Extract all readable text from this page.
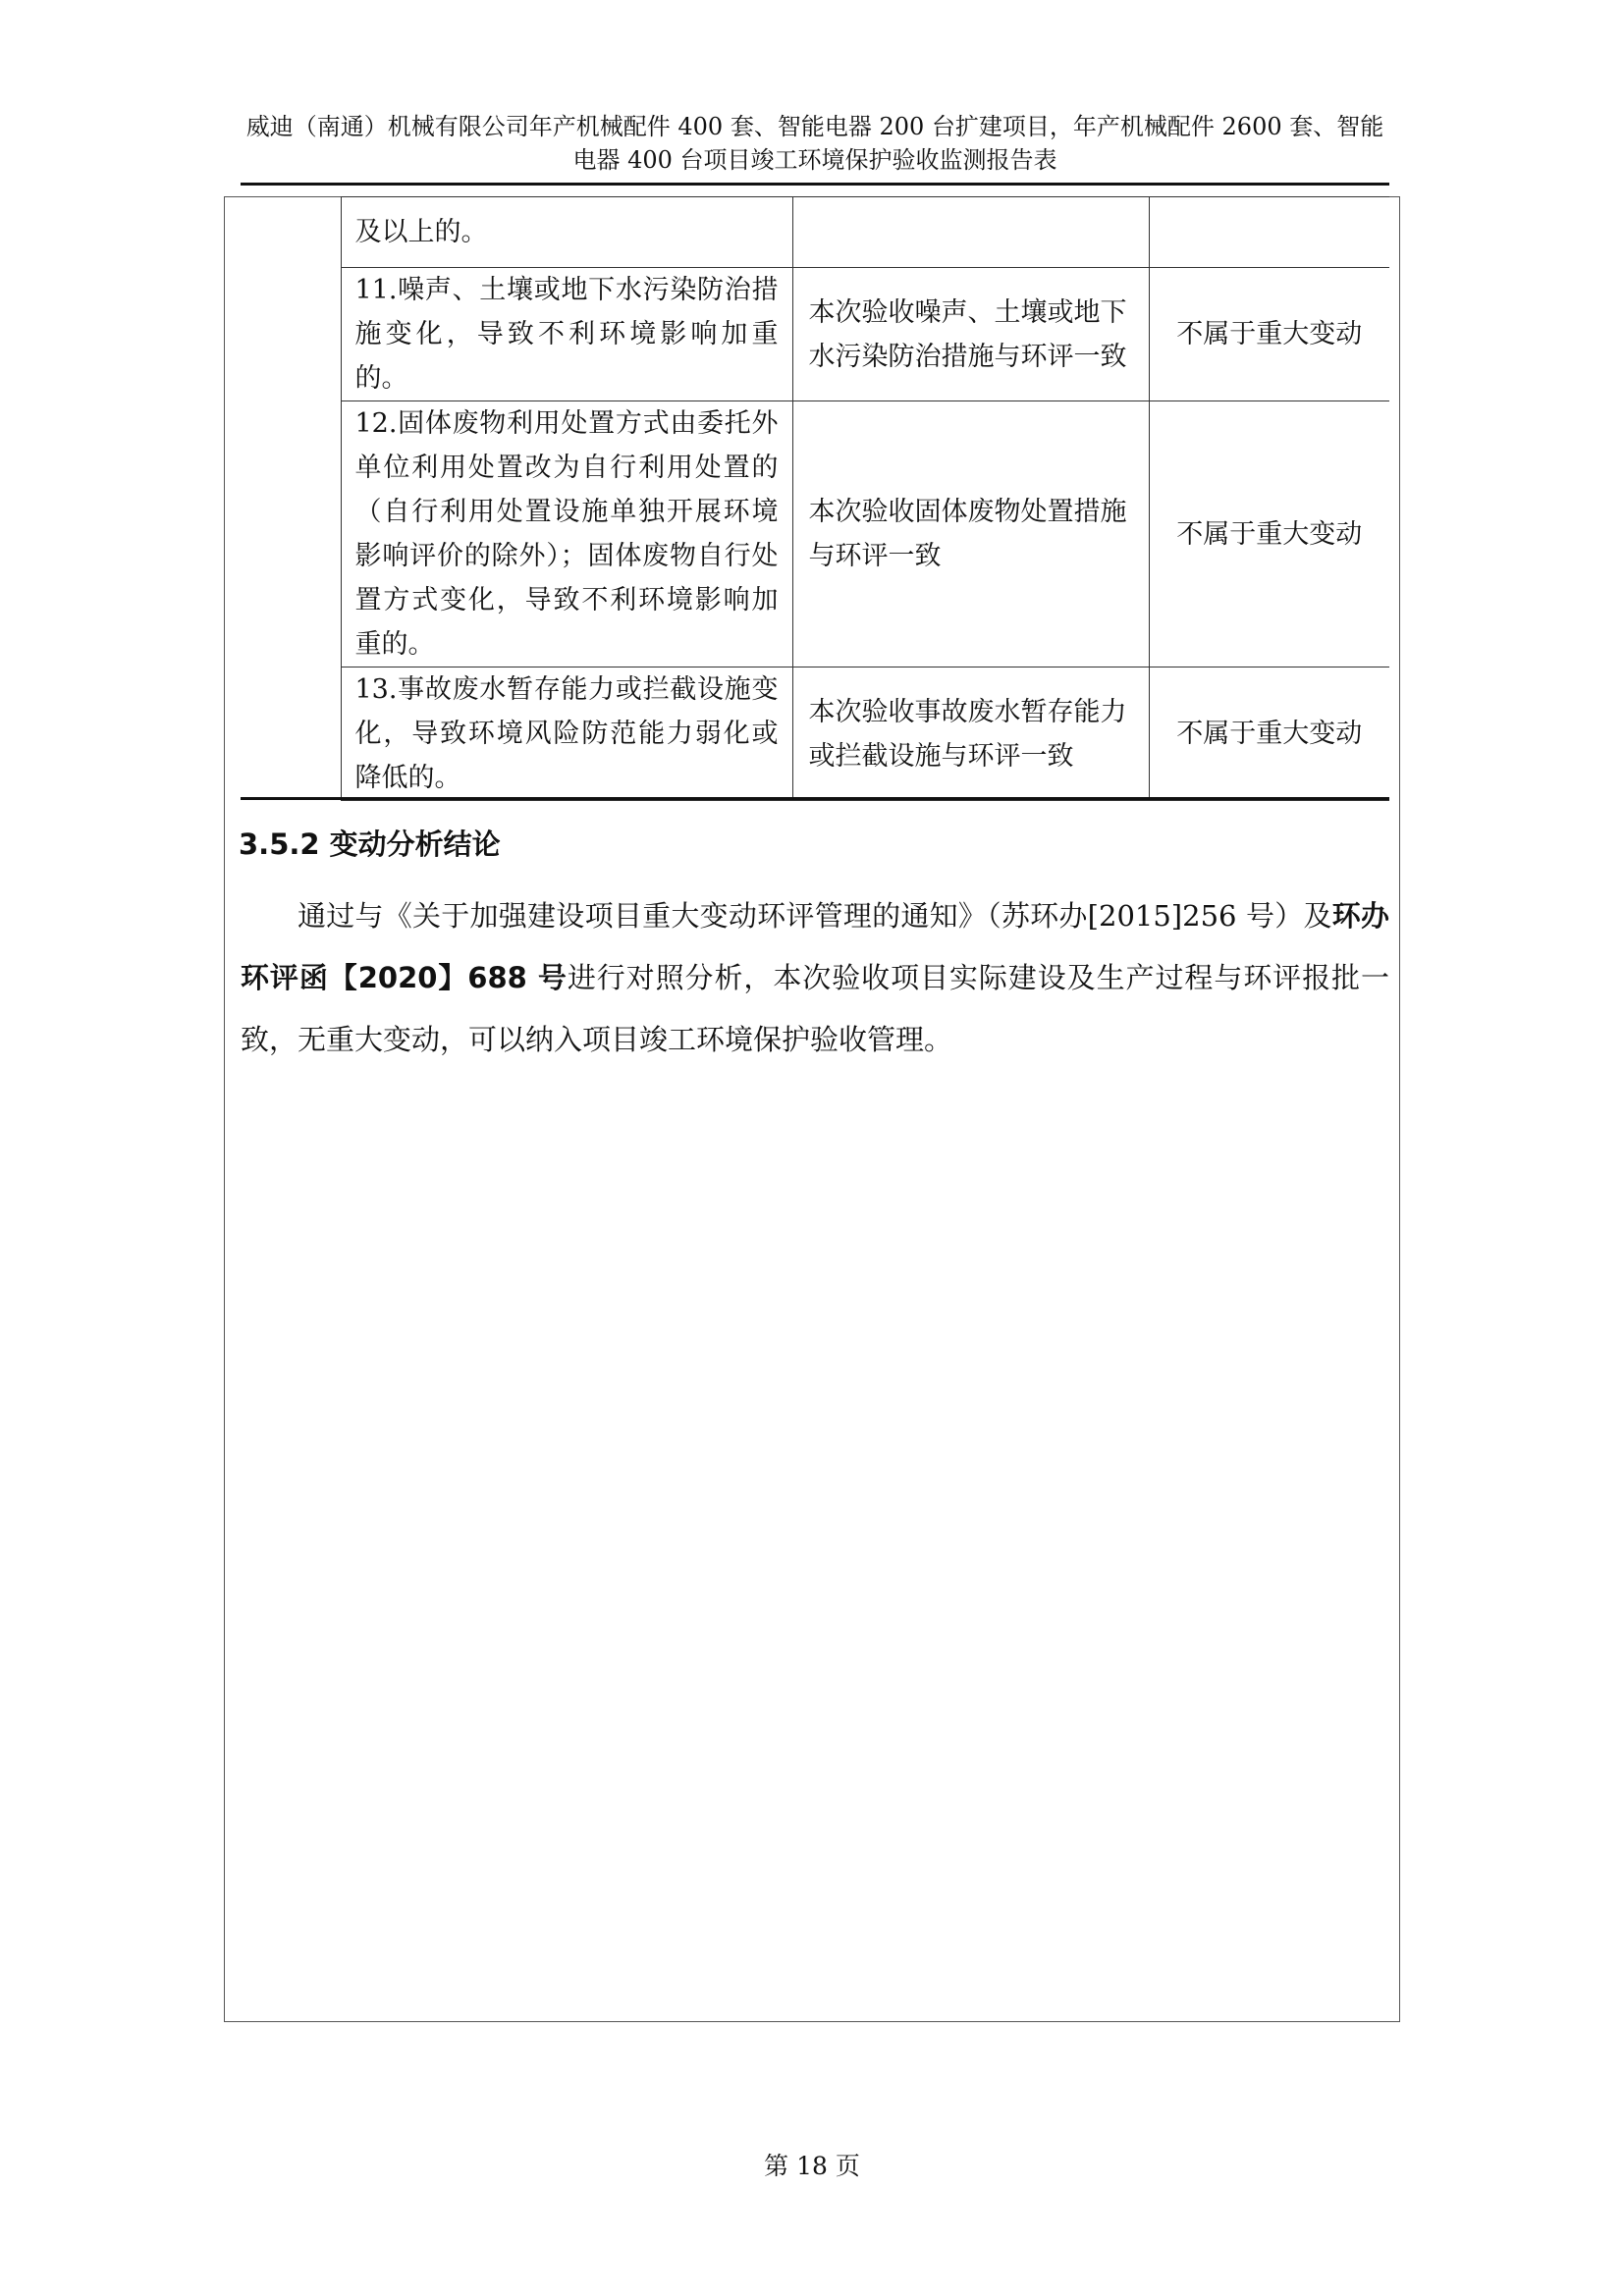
威迪（南通）机械有限公司年产机械配件 400 套、智能电器 200 台扩建项目，年产机械配件 2600 套、智能
电器 400 台项目竣工环境保护验收监测报告表
	及以上的。		
	11.噪声、土壤或地下水污染防治措施变化，导致不利环境影响加重的。	本次验收噪声、土壤或地下水污染防治措施与环评一致	不属于重大变动
	12.固体废物利用处置方式由委托外单位利用处置改为自行利用处置的（自行利用处置设施单独开展环境影响评价的除外）；固体废物自行处置方式变化，导致不利环境影响加重的。	本次验收固体废物处置措施与环评一致	不属于重大变动
	13.事故废水暂存能力或拦截设施变化，导致环境风险防范能力弱化或降低的。	本次验收事故废水暂存能力或拦截设施与环评一致	不属于重大变动
3.5.2 变动分析结论

通过与《关于加强建设项目重大变动环评管理的通知》（苏环办[2015]256 号）及环办环评函【2020】688 号进行对照分析，本次验收项目实际建设及生产过程与环评报批一致，无重大变动，可以纳入项目竣工环境保护验收管理。

第 18 页
